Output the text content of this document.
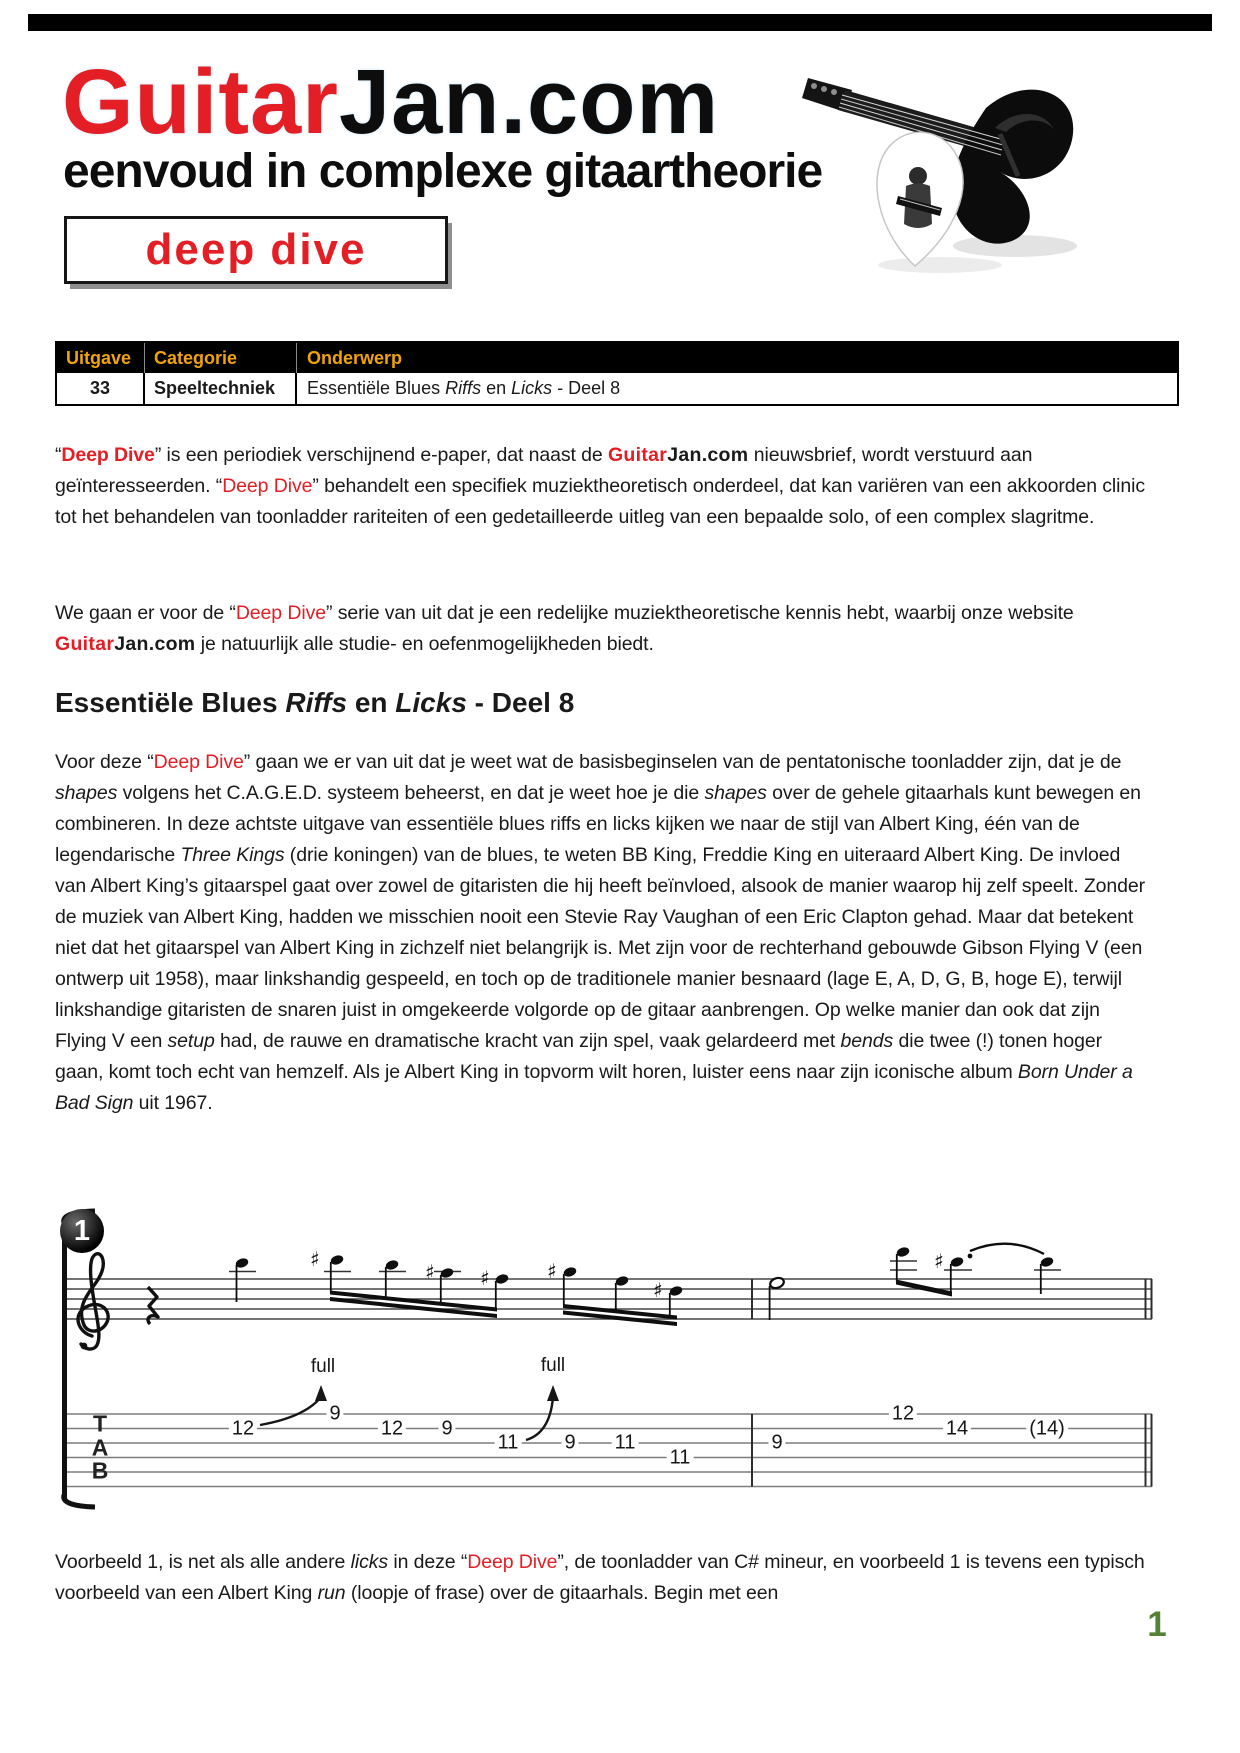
GuitarJan.com
eenvoud in complexe gitaartheorie
deep dive
Uitgave	Categorie	Onderwerp
33	Speeltechniek	Essentiële Blues Riffs en Licks - Deel 8
“Deep Dive” is een periodiek verschijnend e-paper, dat naast de GuitarJan.com nieuwsbrief, wordt verstuurd aan geïnteresseerden. “Deep Dive” behandelt een specifiek muziektheoretisch onderdeel, dat kan variëren van een akkoorden clinic tot het behandelen van toonladder rariteiten of een gedetailleerde uitleg van een bepaalde solo, of een complex slagritme.
We gaan er voor de “Deep Dive” serie van uit dat je een redelijke muziektheoretische kennis hebt, waarbij onze website GuitarJan.com je natuurlijk alle studie- en oefenmogelijkheden biedt.
Essentiële Blues Riffs en Licks - Deel 8
Voor deze “Deep Dive” gaan we er van uit dat je weet wat de basisbeginselen van de pentatonische toonladder zijn, dat je de shapes volgens het C.A.G.E.D. systeem beheerst, en dat je weet hoe je die shapes over de gehele gitaarhals kunt bewegen en combineren. In deze achtste uitgave van essentiële blues riffs en licks kijken we naar de stijl van Albert King, één van de legendarische Three Kings (drie koningen) van de blues, te weten BB King, Freddie King en uiteraard Albert King. De invloed van Albert King’s gitaarspel gaat over zowel de gitaristen die hij heeft beïnvloed, alsook de manier waarop hij zelf speelt. Zonder de muziek van Albert King, hadden we misschien nooit een Stevie Ray Vaughan of een Eric Clapton gehad. Maar dat betekent niet dat het gitaarspel van Albert King in zichzelf niet belangrijk is. Met zijn voor de rechterhand gebouwde Gibson Flying V (een ontwerp uit 1958), maar linkshandig gespeeld, en toch op de traditionele manier besnaard (lage E, A, D, G, B, hoge E), terwijl linkshandige gitaristen de snaren juist in omgekeerde volgorde op de gitaar aanbrengen. Op welke manier dan ook dat zijn Flying V een setup had, de rauwe en dramatische kracht van zijn spel, vaak gelardeerd met bends die twee (!) tonen hoger gaan, komt toch echt van hemzelf. Als je Albert King in topvorm wilt horen, luister eens naar zijn iconische album Born Under a Bad Sign uit 1967.
Voorbeeld 1, is net als alle andere licks in deze “Deep Dive”, de toonladder van C# mineur, en voorbeeld 1 is tevens een typisch voorbeeld van een Albert King run (loopje of frase) over de gitaarhals. Begin met een
1
1
♯
♯ ♯	♯
♯
♯
12
9
12 9
11 9 11
11
9
12
14	(14)
full	full
T
A
B
